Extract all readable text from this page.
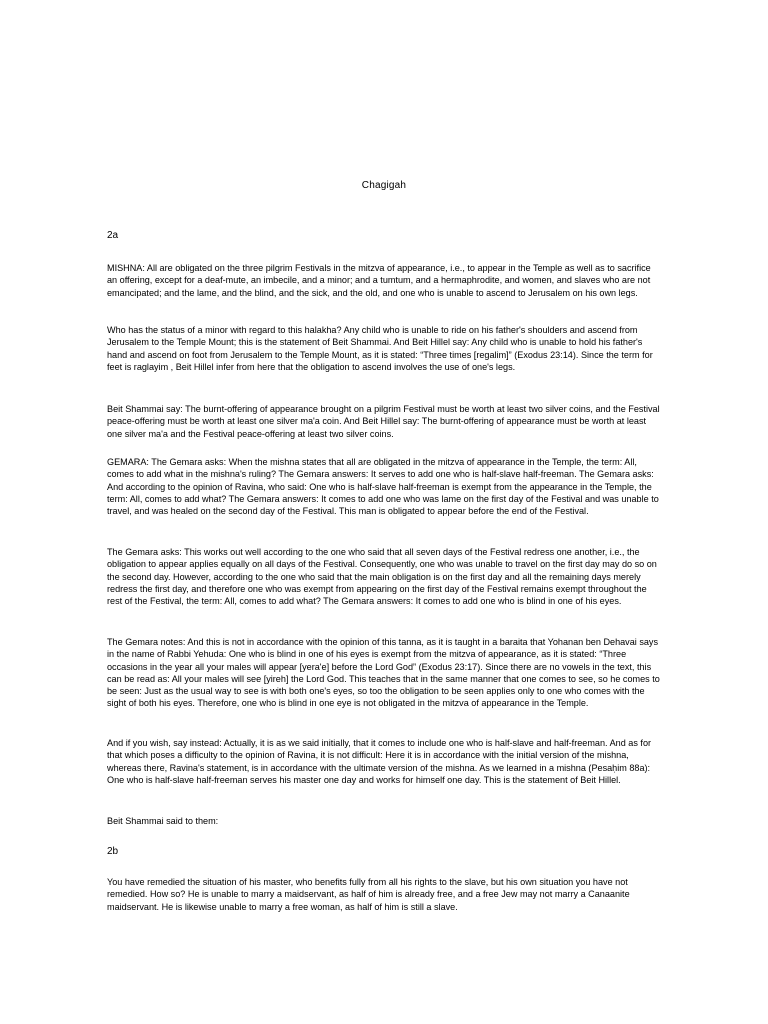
Chagigah
2a
MISHNA: All are obligated on the three pilgrim Festivals in the mitzva of appearance, i.e., to appear in the Temple as well as to sacrifice an offering, except for a deaf-mute, an imbecile, and a minor; and a tumtum, and a hermaphrodite, and women, and slaves who are not emancipated; and the lame, and the blind, and the sick, and the old, and one who is unable to ascend to Jerusalem on his own legs.
Who has the status of a minor with regard to this halakha? Any child who is unable to ride on his father's shoulders and ascend from Jerusalem to the Temple Mount; this is the statement of Beit Shammai. And Beit Hillel say: Any child who is unable to hold his father's hand and ascend on foot from Jerusalem to the Temple Mount, as it is stated: “Three times [regalim]” (Exodus 23:14). Since the term for feet is raglayim , Beit Hillel infer from here that the obligation to ascend involves the use of one's legs.
Beit Shammai say: The burnt-offering of appearance brought on a pilgrim Festival must be worth at least two silver coins, and the Festival peace-offering must be worth at least one silver ma'a coin. And Beit Hillel say: The burnt-offering of appearance must be worth at least one silver ma'a and the Festival peace-offering at least two silver coins.
GEMARA: The Gemara asks: When the mishna states that all are obligated in the mitzva of appearance in the Temple, the term: All, comes to add what in the mishna's ruling? The Gemara answers: It serves to add one who is half-slave half-freeman. The Gemara asks: And according to the opinion of Ravina, who said: One who is half-slave half-freeman is exempt from the appearance in the Temple, the term: All, comes to add what? The Gemara answers: It comes to add one who was lame on the first day of the Festival and was unable to travel, and was healed on the second day of the Festival. This man is obligated to appear before the end of the Festival.
The Gemara asks: This works out well according to the one who said that all seven days of the Festival redress one another, i.e., the obligation to appear applies equally on all days of the Festival. Consequently, one who was unable to travel on the first day may do so on the second day. However, according to the one who said that the main obligation is on the first day and all the remaining days merely redress the first day, and therefore one who was exempt from appearing on the first day of the Festival remains exempt throughout the rest of the Festival, the term: All, comes to add what? The Gemara answers: It comes to add one who is blind in one of his eyes.
The Gemara notes: And this is not in accordance with the opinion of this tanna, as it is taught in a baraita that Yohanan ben Dehavai says in the name of Rabbi Yehuda: One who is blind in one of his eyes is exempt from the mitzva of appearance, as it is stated: “Three occasions in the year all your males will appear [yera'e] before the Lord God” (Exodus 23:17). Since there are no vowels in the text, this can be read as: All your males will see [yireh] the Lord God. This teaches that in the same manner that one comes to see, so he comes to be seen: Just as the usual way to see is with both one's eyes, so too the obligation to be seen applies only to one who comes with the sight of both his eyes. Therefore, one who is blind in one eye is not obligated in the mitzva of appearance in the Temple.
And if you wish, say instead: Actually, it is as we said initially, that it comes to include one who is half-slave and half-freeman. And as for that which poses a difficulty to the opinion of Ravina, it is not difficult: Here it is in accordance with the initial version of the mishna, whereas there, Ravina's statement, is in accordance with the ultimate version of the mishna. As we learned in a mishna (Pesaḥim 88a): One who is half-slave half-freeman serves his master one day and works for himself one day. This is the statement of Beit Hillel.
Beit Shammai said to them:
2b
You have remedied the situation of his master, who benefits fully from all his rights to the slave, but his own situation you have not remedied. How so? He is unable to marry a maidservant, as half of him is already free, and a free Jew may not marry a Canaanite maidservant. He is likewise unable to marry a free woman, as half of him is still a slave.
